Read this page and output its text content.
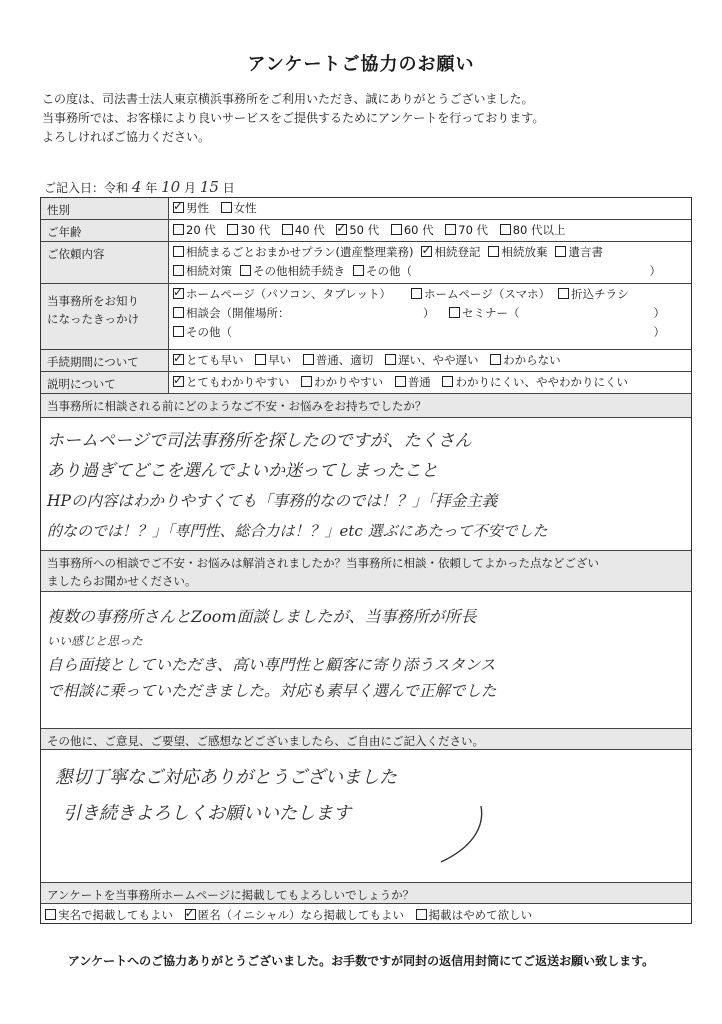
アンケートご協力のお願い
この度は、司法書士法人東京横浜事務所をご利用いただき、誠にありがとうございました。
当事務所では、お客様により良いサービスをご提供するためにアンケートを行っております。
よろしければご協力ください。
ご記入日：令和 4 年 10 月 15 日
性別 ✓	男性 女性
ご年齢	20 代 30 代 40 代 ✓ 50 代 60 代 70 代 80 代以上
ご依頼内容	相続まるごとおまかせプラン(遺産整理業務) ✓ 相続登記 相続放棄 遺言書
相続対策 その他相続手続き その他（	）
当事務所をお知り
になったきっかけ
✓ホームページ（パソコン、タブレット）	ホームページ（スマホ） 折込チラシ
相談会（開催場所：	）	セミナー（	）
その他（	）
手続期間について ✓	とても早い 早い 普通、適切 遅い、やや遅い わからない
説明について ✓	とてもわかりやすい わかりやすい 普通 わかりにくい、ややわかりにくい
当事務所に相談される前にどのようなご不安・お悩みをお持ちでしたか？
ホームページで司法事務所を探したのですが、たくさん
あり過ぎてどこを選んでよいか迷ってしまったこと
HPの内容はわかりやすくても「事務的なのでは！？」「拝金主義
的なのでは！？」「専門性、総合力は！？」etc 選ぶにあたって不安でした
当事務所への相談でご不安・お悩みは解消されましたか？当事務所に相談・依頼してよかった点などござい
ましたらお聞かせください。
複数の事務所さんとZoom面談しましたが、当事務所が所長
いい感じと思った
自ら面接としていただき、高い専門性と顧客に寄り添うスタンス
で相談に乗っていただきました。対応も素早く選んで正解でした
その他に、ご意見、ご要望、ご感想などございましたら、ご自由にご記入ください。
懇切丁寧なご対応ありがとうございました
引き続きよろしくお願いいたします
アンケートを当事務所ホームページに掲載してもよろしいでしょうか？
実名で掲載してもよい ✓ 匿名（イニシャル）なら掲載してもよい 掲載はやめて欲しい
アンケートへのご協力ありがとうございました。お手数ですが同封の返信用封筒にてご返送お願い致します。
